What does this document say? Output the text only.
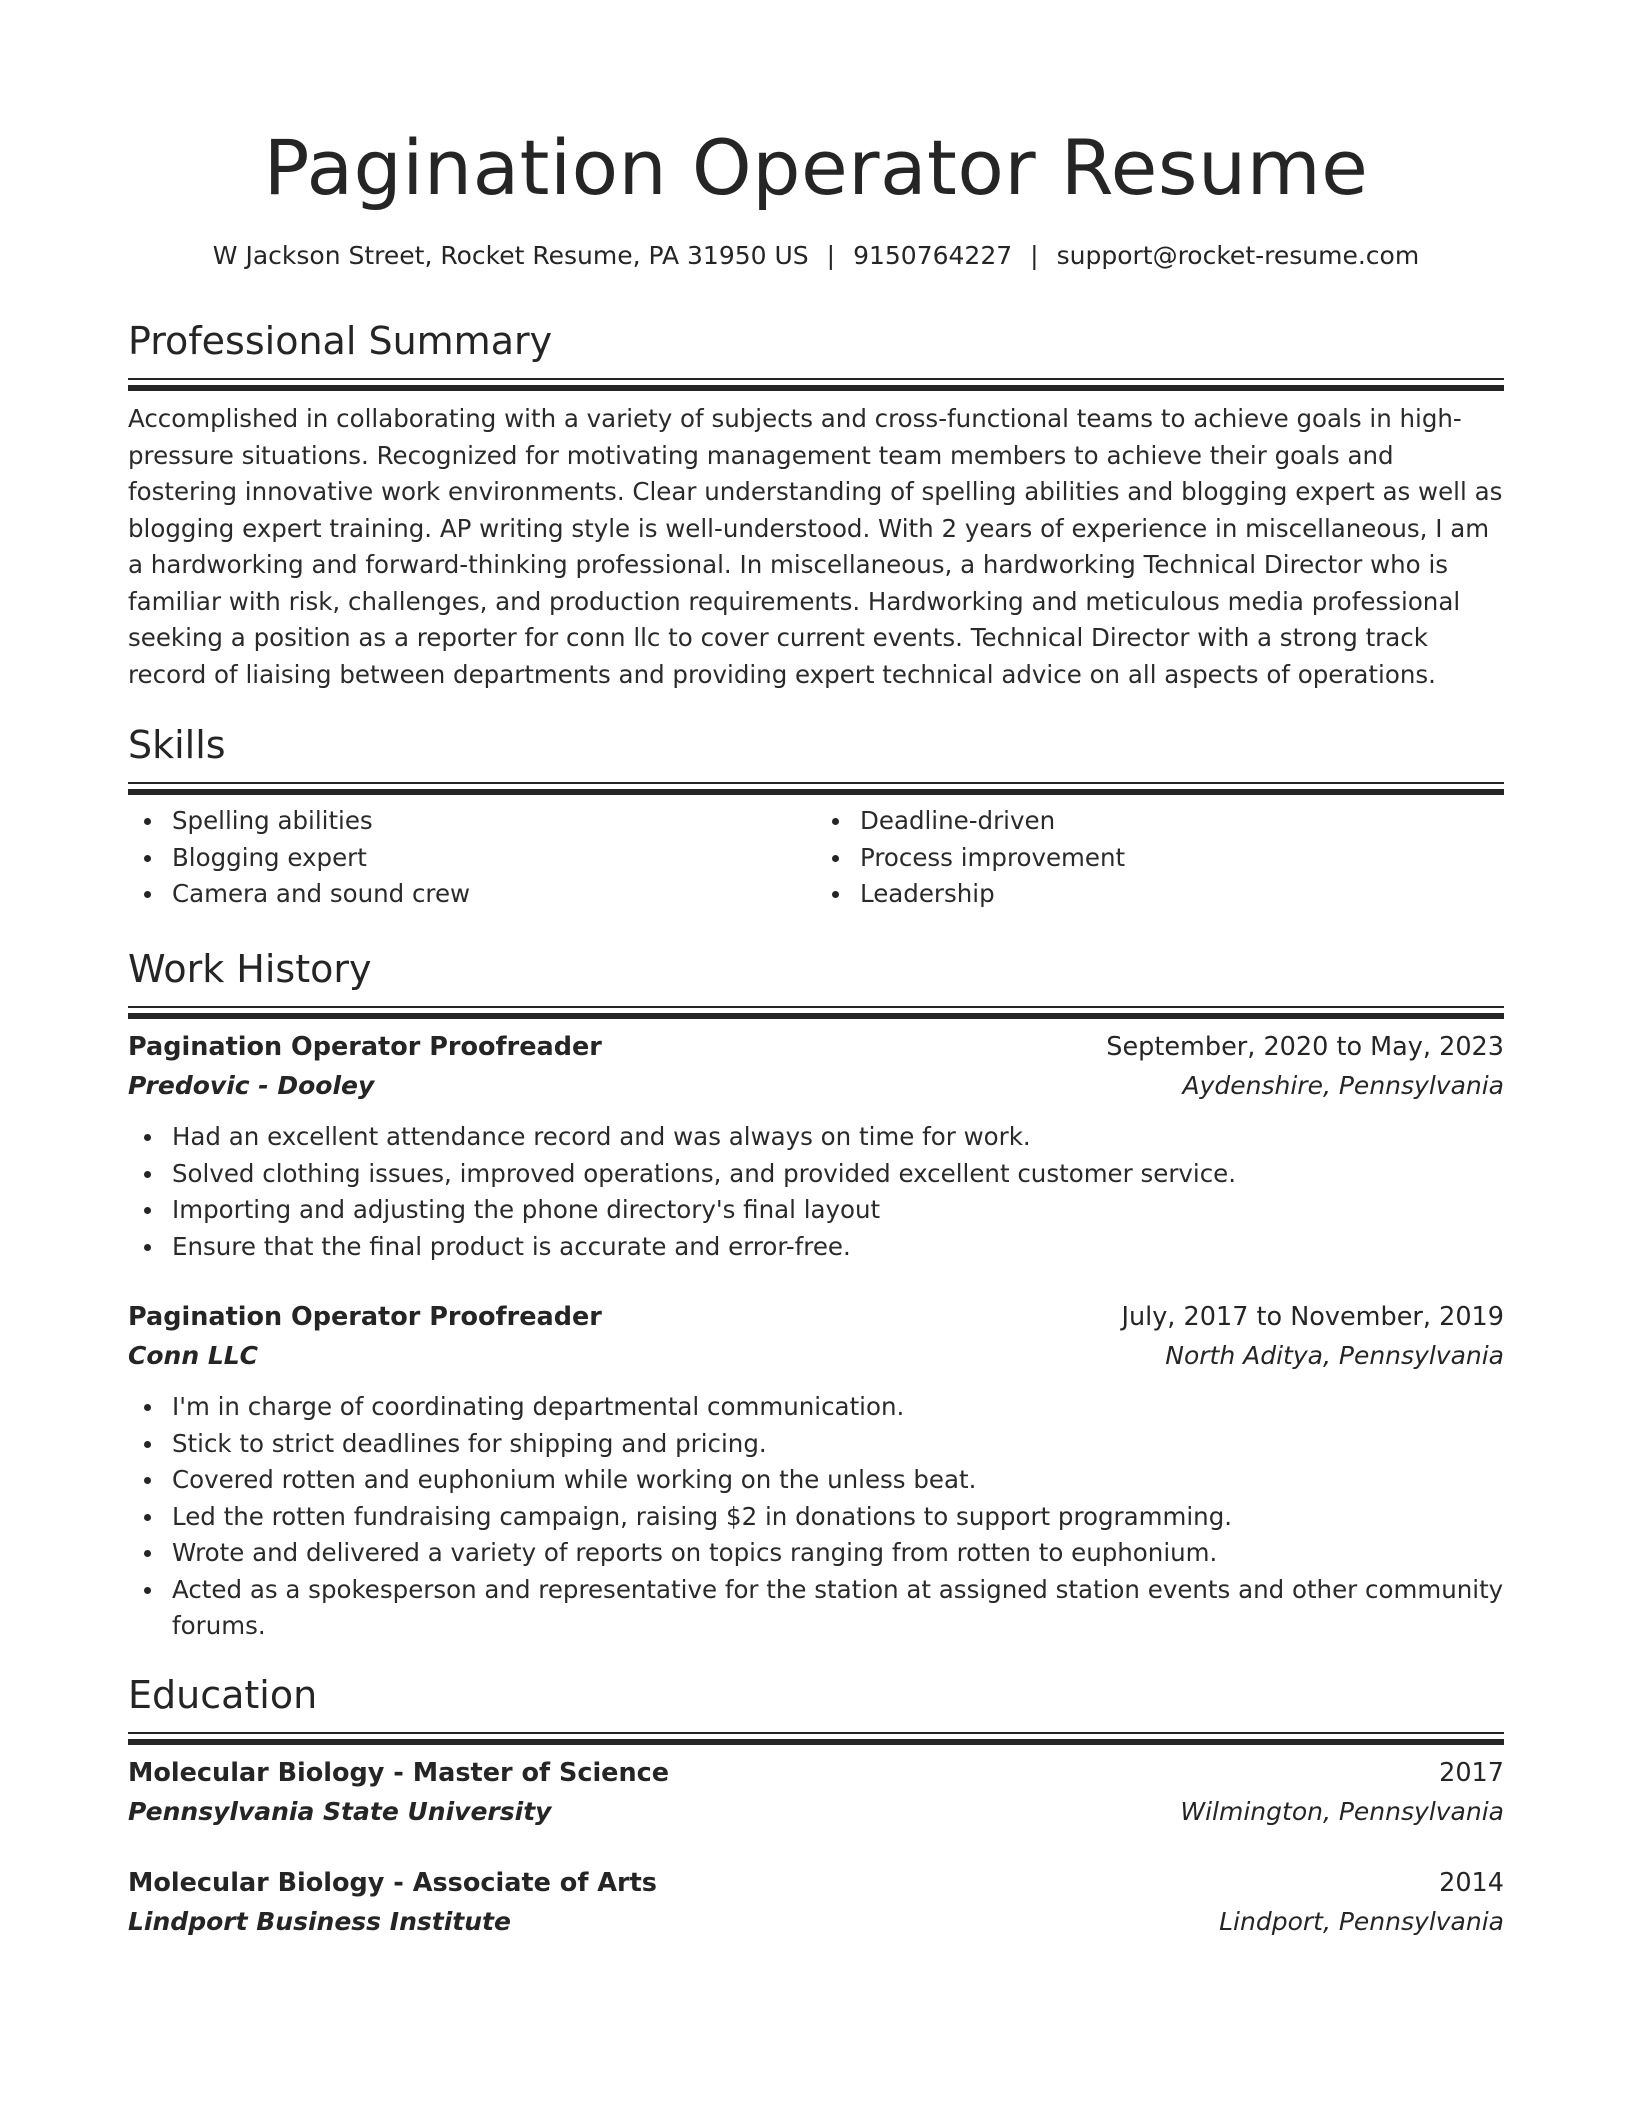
Pagination Operator Resume
W Jackson Street, Rocket Resume, PA 31950 US | 9150764227 | support@rocket-resume.com
Professional Summary

Accomplished in collaborating with a variety of subjects and cross-functional teams to achieve goals in high-pressure situations. Recognized for motivating management team members to achieve their goals and fostering innovative work environments. Clear understanding of spelling abilities and blogging expert as well as blogging expert training. AP writing style is well-understood. With 2 years of experience in miscellaneous, I am a hardworking and forward-thinking professional. In miscellaneous, a hardworking Technical Director who is familiar with risk, challenges, and production requirements. Hardworking and meticulous media professional seeking a position as a reporter for conn llc to cover current events. Technical Director with a strong track record of liaising between departments and providing expert technical advice on all aspects of operations.

Skills
Spelling abilities
Blogging expert
Camera and sound crew
Deadline-driven
Process improvement
Leadership
Work History
Pagination Operator Proofreader	September, 2020 to May, 2023
Predovic - Dooley	Aydenshire, Pennsylvania
Had an excellent attendance record and was always on time for work.
Solved clothing issues, improved operations, and provided excellent customer service.
Importing and adjusting the phone directory's final layout
Ensure that the final product is accurate and error-free.
Pagination Operator Proofreader	July, 2017 to November, 2019
Conn LLC	North Aditya, Pennsylvania
I'm in charge of coordinating departmental communication.
Stick to strict deadlines for shipping and pricing.
Covered rotten and euphonium while working on the unless beat.
Led the rotten fundraising campaign, raising $2 in donations to support programming.
Wrote and delivered a variety of reports on topics ranging from rotten to euphonium.
Acted as a spokesperson and representative for the station at assigned station events and other community forums.
Education
Molecular Biology - Master of Science	2017
Pennsylvania State University	Wilmington, Pennsylvania
Molecular Biology - Associate of Arts	2014
Lindport Business Institute	Lindport, Pennsylvania
